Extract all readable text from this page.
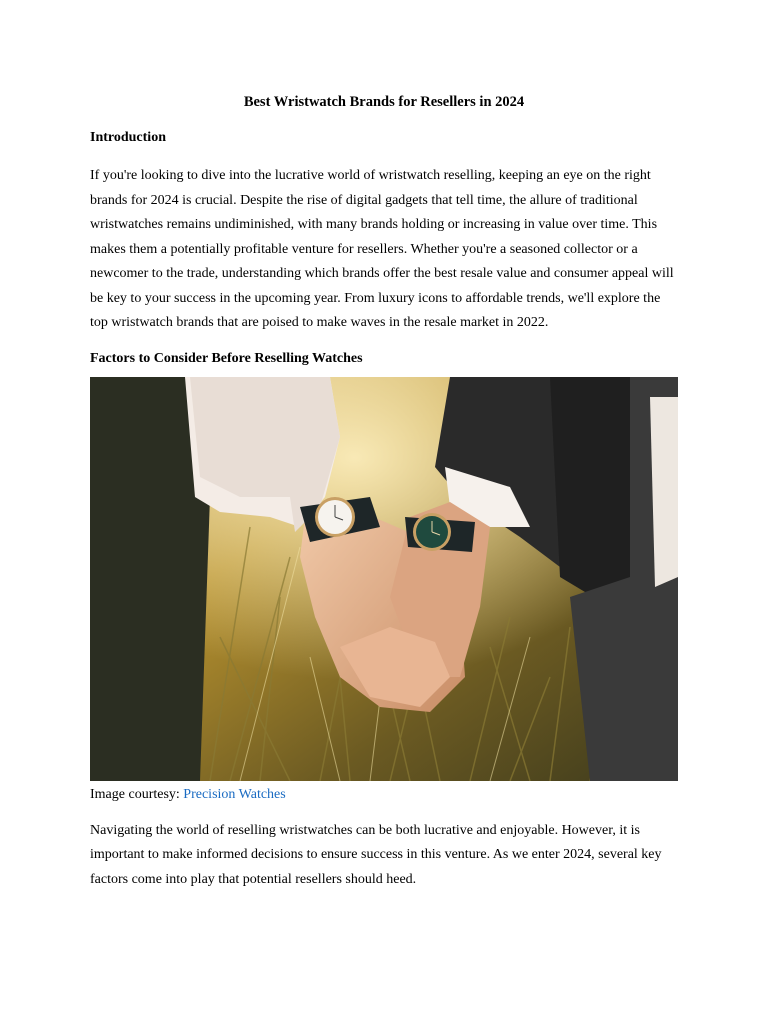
Best Wristwatch Brands for Resellers in 2024
Introduction

If you're looking to dive into the lucrative world of wristwatch reselling, keeping an eye on the right brands for 2024 is crucial. Despite the rise of digital gadgets that tell time, the allure of traditional wristwatches remains undiminished, with many brands holding or increasing in value over time. This makes them a potentially profitable venture for resellers. Whether you're a seasoned collector or a newcomer to the trade, understanding which brands offer the best resale value and consumer appeal will be key to your success in the upcoming year. From luxury icons to affordable trends, we'll explore the top wristwatch brands that are poised to make waves in the resale market in 2022.

Factors to Consider Before Reselling Watches
Image courtesy: Precision Watches

Navigating the world of reselling wristwatches can be both lucrative and enjoyable. However, it is important to make informed decisions to ensure success in this venture. As we enter 2024, several key factors come into play that potential resellers should heed.
